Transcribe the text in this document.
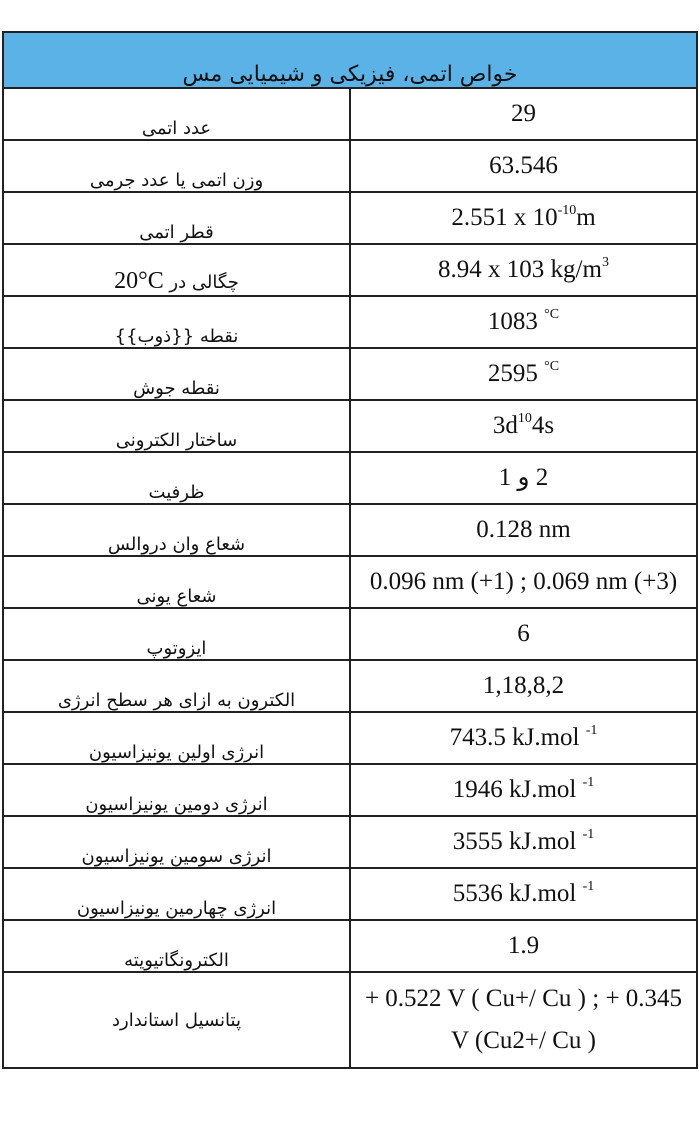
خواص اتمی، فیزیکی و شیمیایی مس	
عدد اتمی	29
وزن اتمی یا عدد جرمی	63.546
قطر اتمی	2.551 x $10^{-10}m$
چگالی در 20°C	8.94 x 103 $kg/m^3$
نقطه {{ذوب}}	1083 $^{^\circ C}$
نقطه جوش	2595 $^{^\circ C}$
ساختار الکترونی	$3d^{10}4s$
ظرفیت	2 و 1
شعاع وان دروالس	0.128 nm
شعاع یونی	0.096 nm (+1) ; 0.069 nm (+3)
ایزوتوپ	6
الکترون به ازای هر سطح انرژی	1,18,8,2
انرژی اولین یونیزاسیون	743.5 kJ.mol $^{-1}$
انرژی دومین یونیزاسیون	1946 kJ.mol $^{-1}$
انرژی سومین یونیزاسیون	3555 kJ.mol $^{-1}$
انرژی چهارمین یونیزاسیون	5536 kJ.mol $^{-1}$
الکترونگاتیویته	1.9
پتانسیل استاندارد	+ 0.522 V ( Cu+/ Cu ) ; + 0.345
V (Cu2+/ Cu )
